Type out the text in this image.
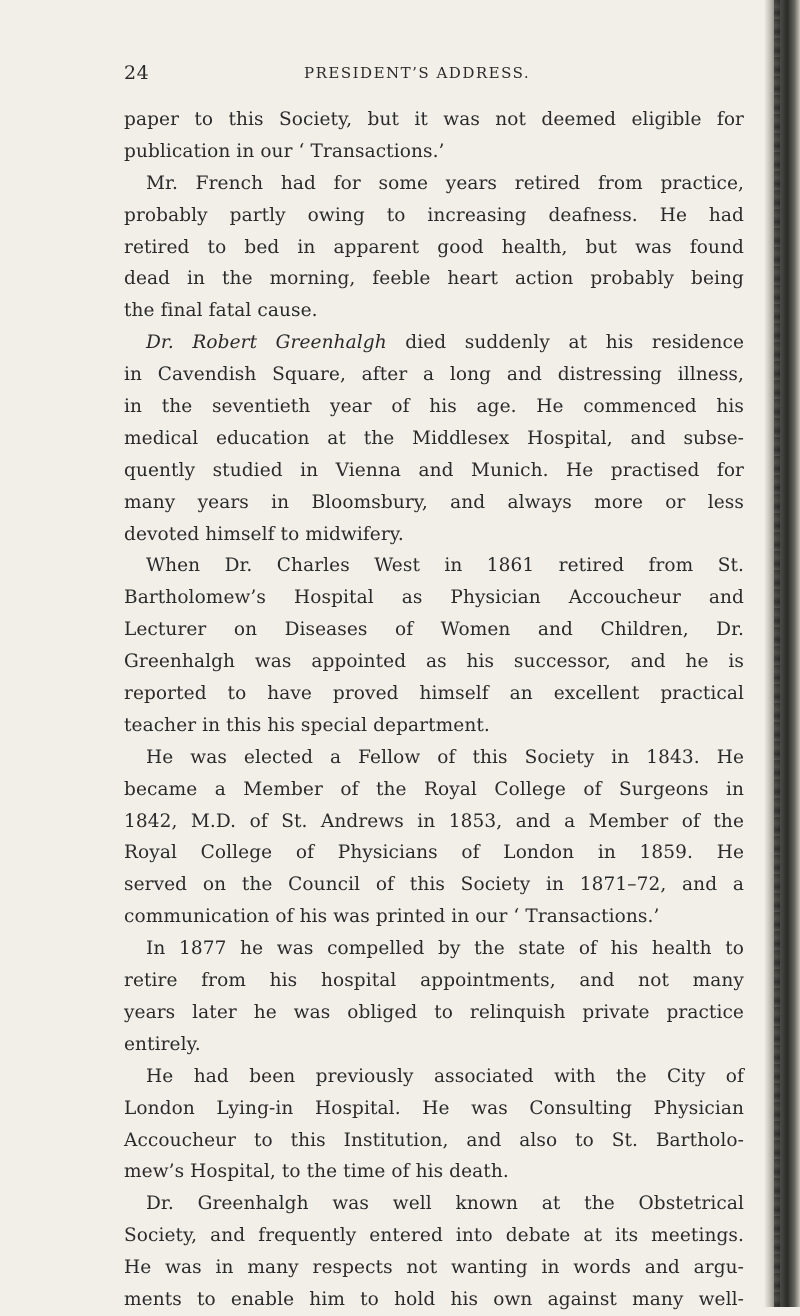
24	PRESIDENT’S ADDRESS.
paper to this Society, but it was not deemed eligible for
publication in our ‘ Transactions.’
Mr. French had for some years retired from practice,
probably partly owing to increasing deafness. He had
retired to bed in apparent good health, but was found
dead in the morning, feeble heart action probably being
the final fatal cause.
Dr. Robert Greenhalgh died suddenly at his residence
in Cavendish Square, after a long and distressing illness,
in the seventieth year of his age. He commenced his
medical education at the Middlesex Hospital, and subse-
quently studied in Vienna and Munich. He practised for
many years in Bloomsbury, and always more or less
devoted himself to midwifery.
When Dr. Charles West in 1861 retired from St.
Bartholomew’s Hospital as Physician Accoucheur and
Lecturer on Diseases of Women and Children, Dr.
Greenhalgh was appointed as his successor, and he is
reported to have proved himself an excellent practical
teacher in this his special department.
He was elected a Fellow of this Society in 1843. He
became a Member of the Royal College of Surgeons in
1842, M.D. of St. Andrews in 1853, and a Member of the
Royal College of Physicians of London in 1859. He
served on the Council of this Society in 1871–72, and a
communication of his was printed in our ‘ Transactions.’
In 1877 he was compelled by the state of his health to
retire from his hospital appointments, and not many
years later he was obliged to relinquish private practice
entirely.
He had been previously associated with the City of
London Lying-in Hospital. He was Consulting Physician
Accoucheur to this Institution, and also to St. Bartholo-
mew’s Hospital, to the time of his death.
Dr. Greenhalgh was well known at the Obstetrical
Society, and frequently entered into debate at its meetings.
He was in many respects not wanting in words and argu-
ments to enable him to hold his own against many well-
